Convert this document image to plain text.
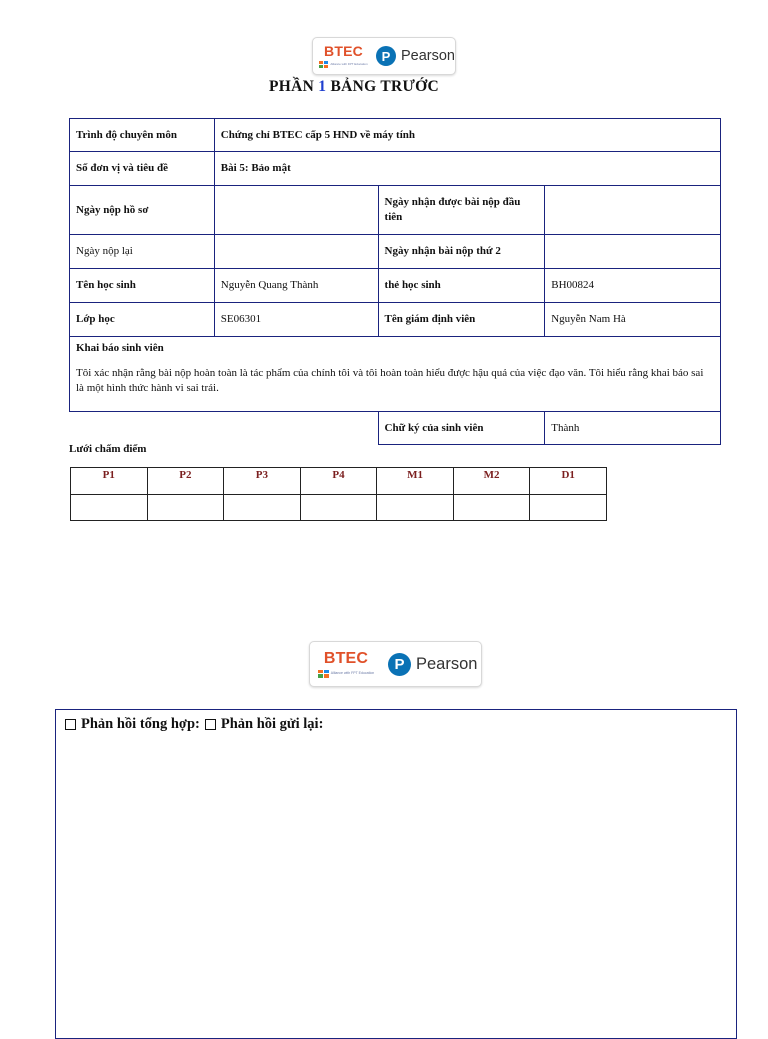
BTEC
Alliance with FPT Education
P Pearson
PHẦN 1 BẢNG TRƯỚC
Trình độ chuyên môn	Chứng chỉ BTEC cấp 5 HND về máy tính		
Số đơn vị và tiêu đề	Bài 5: Bảo mật		
Ngày nộp hồ sơ		Ngày nhận được bài nộp đầu tiên	
Ngày nộp lại		Ngày nhận bài nộp thứ 2	
Tên học sinh	Nguyễn Quang Thành	thẻ học sinh	BH00824
Lớp học	SE06301	Tên giám định viên	Nguyễn Nam Hà

Khai báo sinh viên
Tôi xác nhận rằng bài nộp hoàn toàn là tác phẩm của chính tôi và tôi hoàn toàn hiểu được hậu quả của việc đạo văn. Tôi hiểu rằng khai báo sai là một hình thức hành vi sai trái.			

		Chữ ký của sinh viên	Thành
Lưới chấm điểm
P1	P2	P3	P4	M1	M2	D1

BTEC
Alliance with FPT Education
P Pearson
Phản hồi tổng hợp: Phản hồi gửi lại:
